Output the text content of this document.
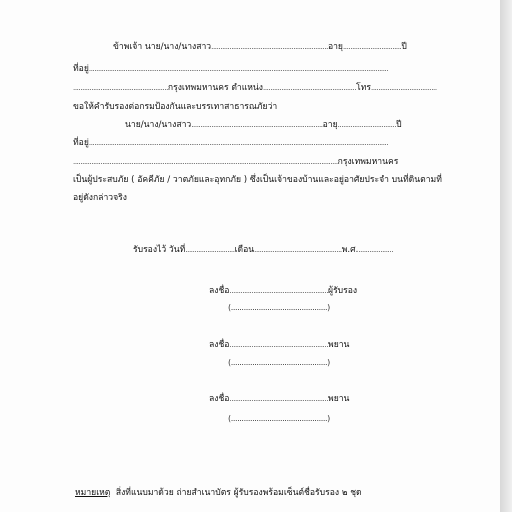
ข้าพเจ้า นาย/นาง/นางสาว................................................................อายุ................................ปี
ที่อยู่....................................................................................................................................................................
....................................................กรุงเทพมหานคร ตำแหน่ง...................................................โทร....................................
ขอให้คำรับรองต่อกรมป้องกันและบรรเทาสาธารณภัยว่า
นาย/นาง/นางสาว........................................................................อายุ................................ปี
ที่อยู่....................................................................................................................................................................
.................................................................................................................................................กรุงเทพมหานคร
เป็นผู้ประสบภัย ( อัคคีภัย / วาตภัยและอุทกภัย ) ซึ่งเป็นเจ้าของบ้านและอยู่อาศัยประจำ บนที่ดินตามที่
อยู่ดังกล่าวจริง
รับรองไว้ วันที่...........................เดือน................................................พ.ศ....................
ลงชื่อ......................................................ผู้รับรอง
(.............................................)
ลงชื่อ......................................................พยาน
(.............................................)
ลงชื่อ......................................................พยาน
(.............................................)
หมายเหตุ สิ่งที่แนบมาด้วย ถ่ายสำเนาบัตร ผู้รับรองพร้อมเซ็นต์ชื่อรับรอง ๒ ชุด
